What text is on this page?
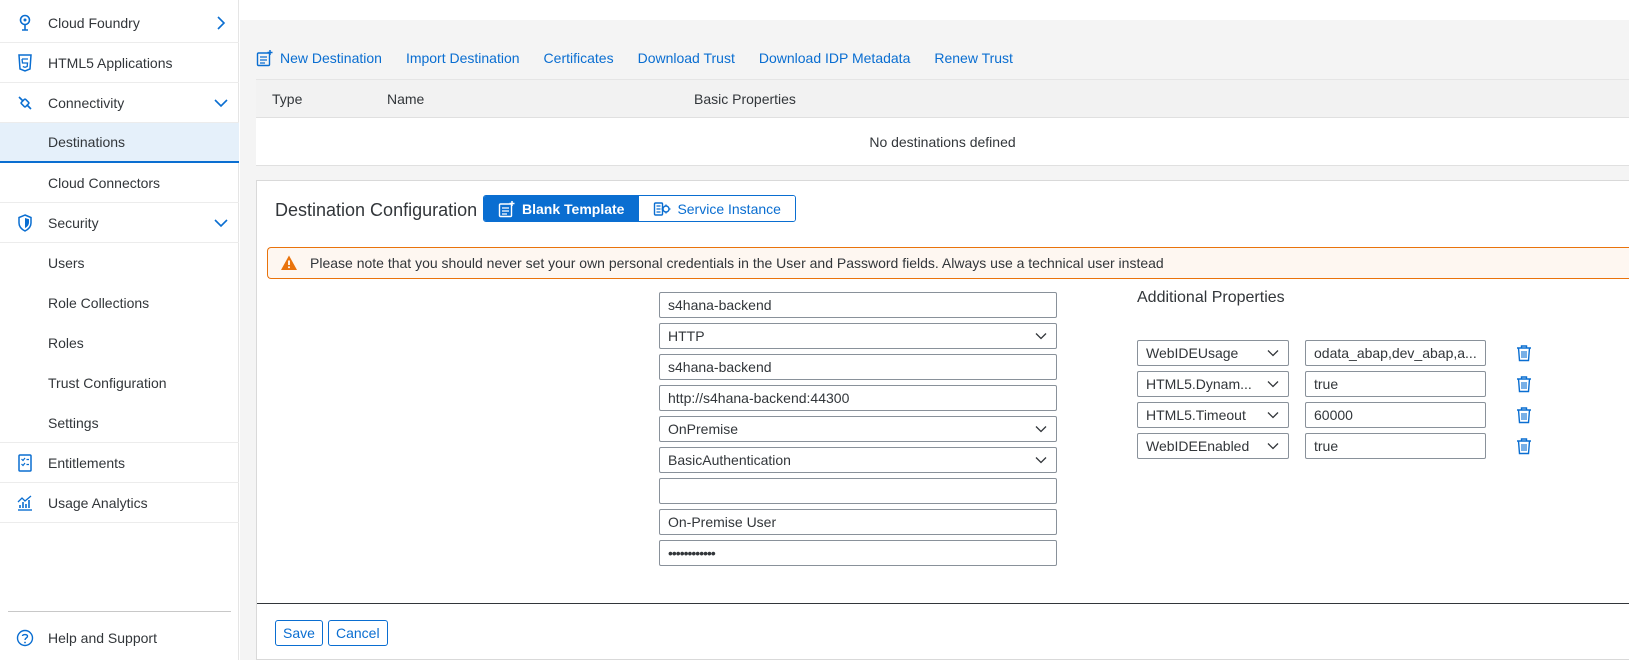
Cloud Foundry
HTML5 Applications
Connectivity
Destinations
Cloud Connectors
Security
Users
Role Collections
Roles
Trust Configuration
Settings
Entitlements
Usage Analytics
Help and Support
New Destination Import Destination Certificates Download Trust Download IDP Metadata Renew Trust
Type	Name	Basic Properties
No destinations defined
Destination Configuration	Blank Template	Service Instance
Please note that you should never set your own personal credentials in the User and Password fields. Always use a technical user instead
s4hana-backend
HTTP
s4hana-backend
http://s4hana-backend:44300
OnPremise
BasicAuthentication
On-Premise User
••••••••••••
Additional Properties
WebIDEUsage	odata_abap,dev_abap,a...
HTML5.Dynam...	true
HTML5.Timeout	60000
WebIDEEnabled	true
Save	Cancel
